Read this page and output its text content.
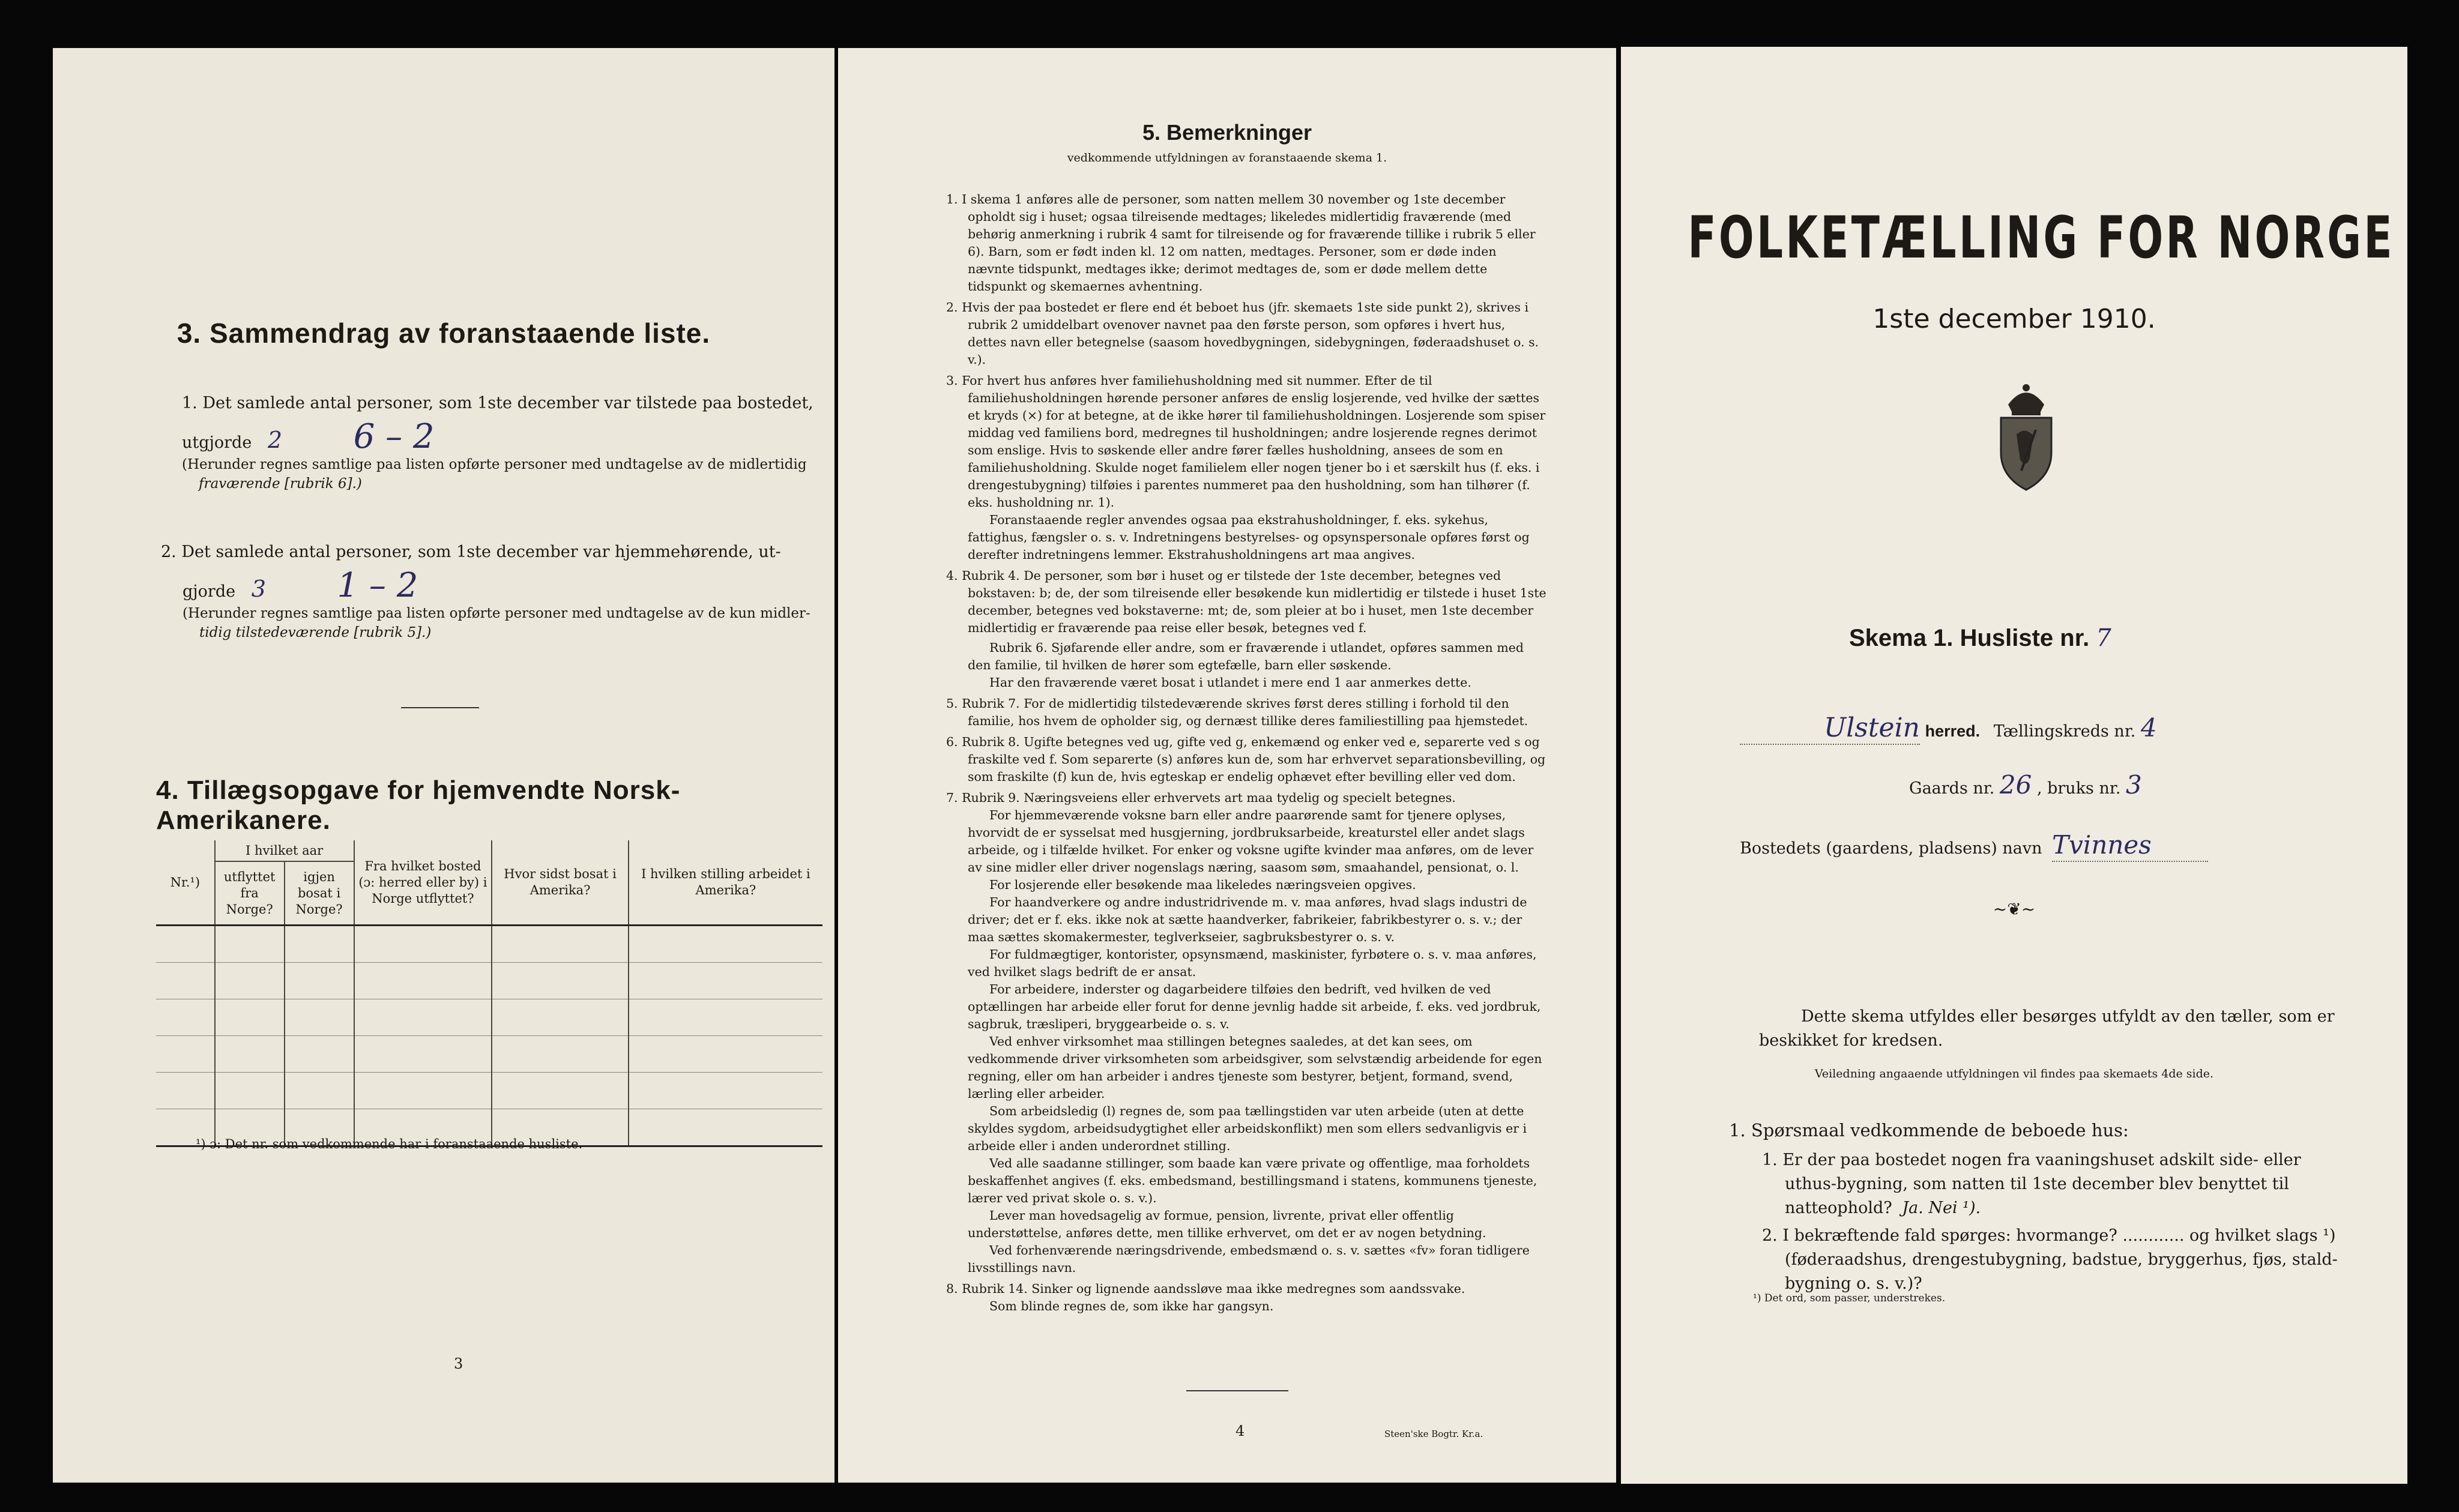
3. Sammendrag av foranstaaende liste.
1. Det samlede antal personer, som 1ste december var tilstede paa bostedet,
utgjorde 2 6 – 2
(Herunder regnes samtlige paa listen opførte personer med undtagelse av de midlertidig
fraværende [rubrik 6].)
2. Det samlede antal personer, som 1ste december var hjemmehørende, ut-
gjorde 3 1 – 2
(Herunder regnes samtlige paa listen opførte personer med undtagelse av de kun midler-
tidig tilstedeværende [rubrik 5].)
4. Tillægsopgave for hjemvendte Norsk-Amerikanere.
Nr.¹)	I hvilket aar		Fra hvilket bosted (ɔ: herred eller by) i Norge utflyttet?	Hvor sidst bosat i Amerika?	I hvilken stilling arbeidet i Amerika?
	utflyttet fra Norge?	igjen bosat i Norge?			

¹) ɔ: Det nr. som vedkommende har i foranstaaende husliste.
3
5. Bemerkninger
vedkommende utfyldningen av foranstaaende skema 1.

1. I skema 1 anføres alle de personer, som natten mellem 30 november og 1ste december opholdt sig i huset; ogsaa tilreisende medtages; likeledes midlertidig fraværende (med behørig anmerkning i rubrik 4 samt for tilreisende og for fraværende tillike i rubrik 5 eller 6). Barn, som er født inden kl. 12 om natten, medtages. Personer, som er døde inden nævnte tidspunkt, medtages ikke; derimot medtages de, som er døde mellem dette tidspunkt og skemaernes avhentning.

2. Hvis der paa bostedet er flere end ét beboet hus (jfr. skemaets 1ste side punkt 2), skrives i rubrik 2 umiddelbart ovenover navnet paa den første person, som opføres i hvert hus, dettes navn eller betegnelse (saasom hovedbygningen, sidebygningen, føderaadshuset o. s. v.).

3. For hvert hus anføres hver familiehusholdning med sit nummer. Efter de til familiehusholdningen hørende personer anføres de enslig losjerende, ved hvilke der sættes et kryds (×) for at betegne, at de ikke hører til familiehusholdningen. Losjerende som spiser middag ved familiens bord, medregnes til husholdningen; andre losjerende regnes derimot som enslige. Hvis to søskende eller andre fører fælles husholdning, ansees de som en familiehusholdning. Skulde noget familielem eller nogen tjener bo i et særskilt hus (f. eks. i drengestubygning) tilføies i parentes nummeret paa den husholdning, som han tilhører (f. eks. husholdning nr. 1).

Foranstaaende regler anvendes ogsaa paa ekstrahusholdninger, f. eks. sykehus, fattighus, fængsler o. s. v. Indretningens bestyrelses- og opsynspersonale opføres først og derefter indretningens lemmer. Ekstrahusholdningens art maa angives.

4. Rubrik 4. De personer, som bør i huset og er tilstede der 1ste december, betegnes ved bokstaven: b; de, der som tilreisende eller besøkende kun midlertidig er tilstede i huset 1ste december, betegnes ved bokstaverne: mt; de, som pleier at bo i huset, men 1ste december midlertidig er fraværende paa reise eller besøk, betegnes ved f.

Rubrik 6. Sjøfarende eller andre, som er fraværende i utlandet, opføres sammen med den familie, til hvilken de hører som egtefælle, barn eller søskende.

Har den fraværende været bosat i utlandet i mere end 1 aar anmerkes dette.

5. Rubrik 7. For de midlertidig tilstedeværende skrives først deres stilling i forhold til den familie, hos hvem de opholder sig, og dernæst tillike deres familiestilling paa hjemstedet.

6. Rubrik 8. Ugifte betegnes ved ug, gifte ved g, enkemænd og enker ved e, separerte ved s og fraskilte ved f. Som separerte (s) anføres kun de, som har erhvervet separationsbevilling, og som fraskilte (f) kun de, hvis egteskap er endelig ophævet efter bevilling eller ved dom.

7. Rubrik 9. Næringsveiens eller erhvervets art maa tydelig og specielt betegnes.

For hjemmeværende voksne barn eller andre paarørende samt for tjenere oplyses, hvorvidt de er sysselsat med husgjerning, jordbruksarbeide, kreaturstel eller andet slags arbeide, og i tilfælde hvilket. For enker og voksne ugifte kvinder maa anføres, om de lever av sine midler eller driver nogenslags næring, saasom søm, smaahandel, pensionat, o. l.

For losjerende eller besøkende maa likeledes næringsveien opgives.

For haandverkere og andre industridrivende m. v. maa anføres, hvad slags industri de driver; det er f. eks. ikke nok at sætte haandverker, fabrikeier, fabrikbestyrer o. s. v.; der maa sættes skomakermester, teglverkseier, sagbruksbestyrer o. s. v.

For fuldmægtiger, kontorister, opsynsmænd, maskinister, fyrbøtere o. s. v. maa anføres, ved hvilket slags bedrift de er ansat.

For arbeidere, inderster og dagarbeidere tilføies den bedrift, ved hvilken de ved optællingen har arbeide eller forut for denne jevnlig hadde sit arbeide, f. eks. ved jordbruk, sagbruk, træsliperi, bryggearbeide o. s. v.

Ved enhver virksomhet maa stillingen betegnes saaledes, at det kan sees, om vedkommende driver virksomheten som arbeidsgiver, som selvstændig arbeidende for egen regning, eller om han arbeider i andres tjeneste som bestyrer, betjent, formand, svend, lærling eller arbeider.

Som arbeidsledig (l) regnes de, som paa tællingstiden var uten arbeide (uten at dette skyldes sygdom, arbeidsudygtighet eller arbeidskonflikt) men som ellers sedvanligvis er i arbeide eller i anden underordnet stilling.

Ved alle saadanne stillinger, som baade kan være private og offentlige, maa forholdets beskaffenhet angives (f. eks. embedsmand, bestillingsmand i statens, kommunens tjeneste, lærer ved privat skole o. s. v.).

Lever man hovedsagelig av formue, pension, livrente, privat eller offentlig understøttelse, anføres dette, men tillike erhvervet, om det er av nogen betydning.

Ved forhenværende næringsdrivende, embedsmænd o. s. v. sættes «fv» foran tidligere livsstillings navn.

8. Rubrik 14. Sinker og lignende aandssløve maa ikke medregnes som aandssvake.

Som blinde regnes de, som ikke har gangsyn.

4	Steen'ske Bogtr. Kr.a.
FOLKETÆLLING FOR NORGE
1ste december 1910.
Skema 1. Husliste nr. 7
Ulstein herred. Tællingskreds nr. 4
Gaards nr. 26 , bruks nr. 3
Bostedets (gaardens, pladsens) navn Tvinnes
~❦~
Dette skema utfyldes eller besørges utfyldt av den tæller, som er
beskikket for kredsen.
Veiledning angaaende utfyldningen vil findes paa skemaets 4de side.
1. Spørsmaal vedkommende de beboede hus:
1. Er der paa bostedet nogen fra vaaningshuset adskilt side- eller
uthus-bygning, som natten til 1ste december blev benyttet til
natteophold? Ja. Nei ¹).
2. I bekræftende fald spørges: hvormange? ............ og hvilket slags ¹)
(føderaadshus, drengestubygning, badstue, bryggerhus, fjøs, stald-
bygning o. s. v.)?
¹) Det ord, som passer, understrekes.
